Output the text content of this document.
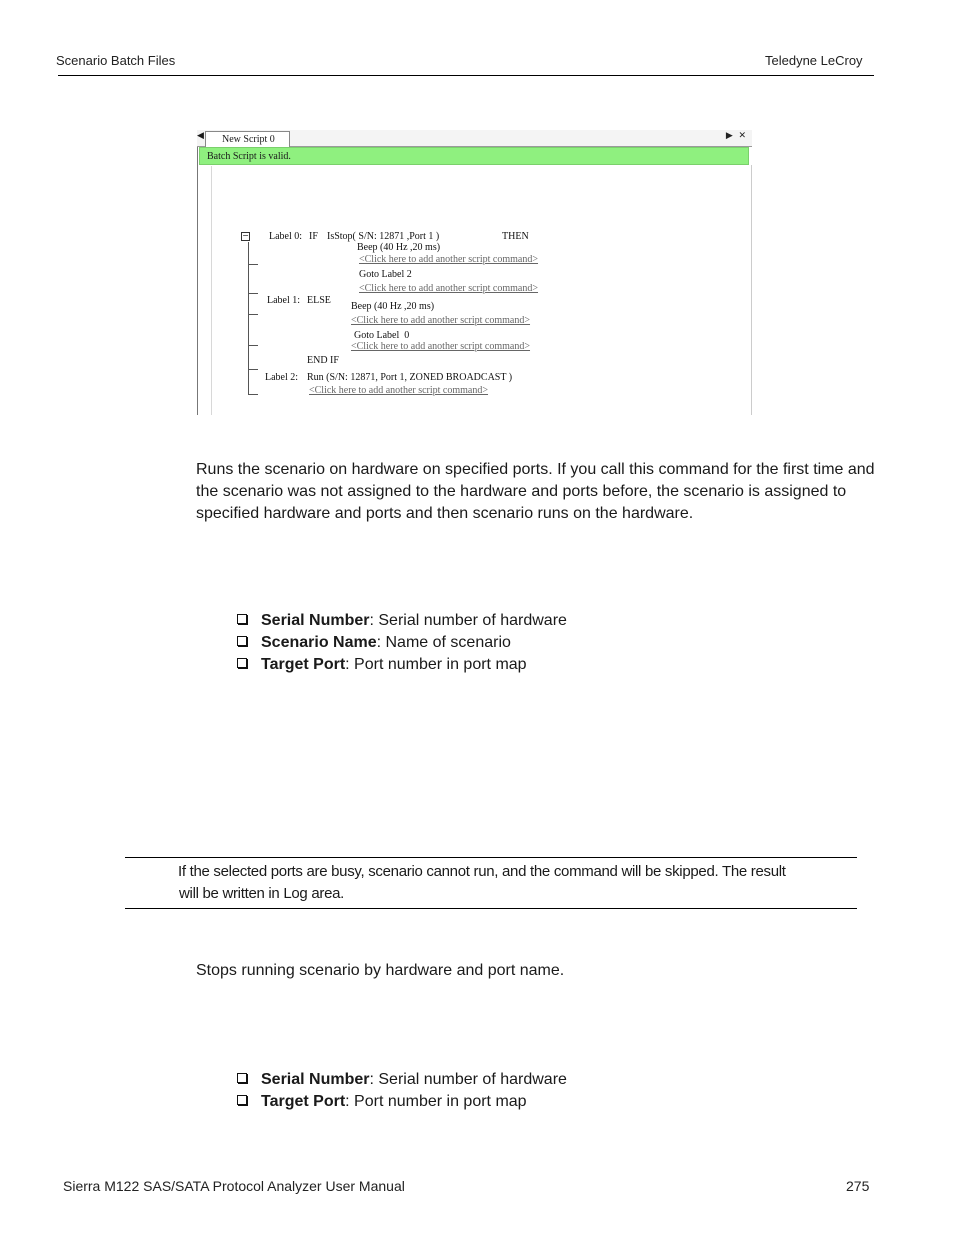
Scenario Batch Files	Teledyne LeCroy
◀	New Script 0	▶  ✕
Batch Script is valid.
− Label 0: IF IsStop( S/N: 12871 ,Port 1 )	THEN
Beep (40 Hz ,20 ms)
<Click here to add another script command>
Goto Label 2
<Click here to add another script command>
Label 1: ELSE
Beep (40 Hz ,20 ms)
<Click here to add another script command>
Goto Label  0
<Click here to add another script command>
END IF
Label 2: Run (S/N: 12871, Port 1, ZONED BROADCAST )
<Click here to add another script command>
Runs the scenario on hardware on specified ports. If you call this command for the first time and the scenario was not assigned to the hardware and ports before, the scenario is assigned to specified hardware and ports and then scenario runs on the hardware.
Serial Number: Serial number of hardware
Scenario Name: Name of scenario
Target Port: Port number in port map
If the selected ports are busy, scenario cannot run, and the command will be skipped. The result
will be written in Log area.
Stops running scenario by hardware and port name.
Serial Number: Serial number of hardware
Target Port: Port number in port map
Sierra M122 SAS/SATA Protocol Analyzer User Manual	275
